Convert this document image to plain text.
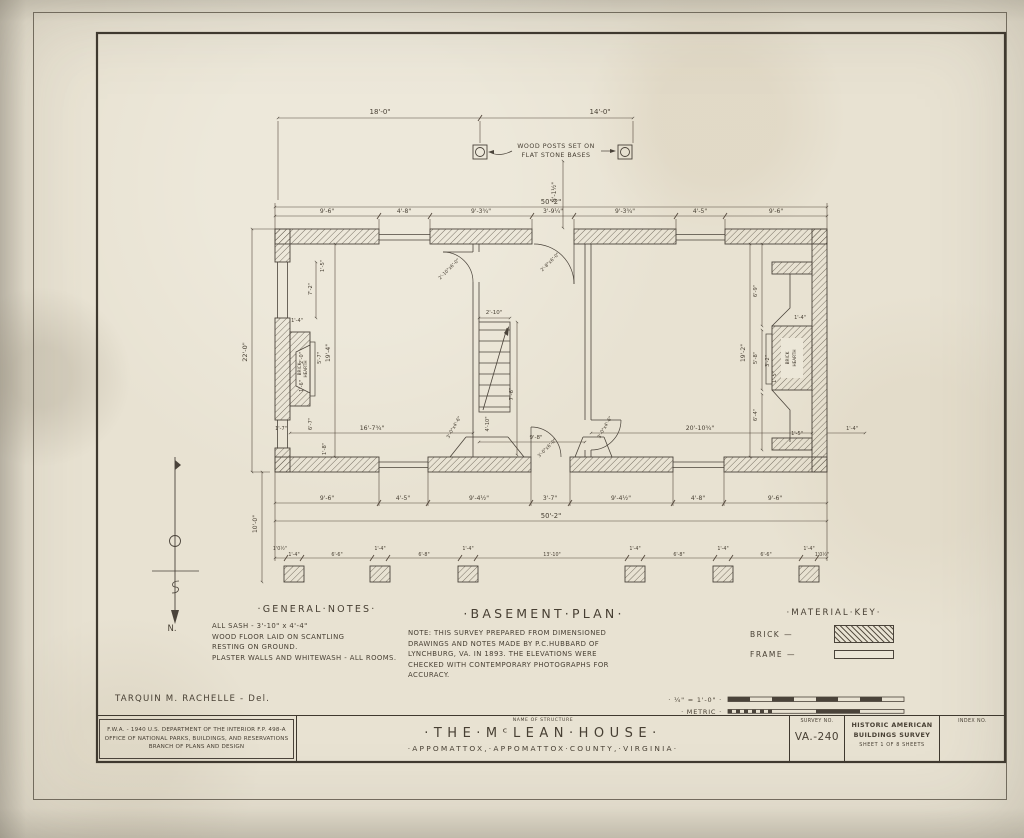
18'-0"	14'-0"
8'-1½"
WOOD POSTS SET ON
FLAT STONE BASES
50'-2"
9'-6"	4'-8"	9'-3¾"	3'-9¼"	9'-3¾"	4'-5"	9'-6"
9'-6"	4'-5"	9'-4½"	3'-7"	9'-4½"	4'-8"	9'-6"
50'-2"
1'0½"
1'-4"	6'-6"
1'-4"
6'-8"
1'-4"
13'-10"
1'-4"
6'-8"
1'-4"
6'-6"
1'-4"
1'0½"
22'-0"	19'-4"
10'-0"
19'-2"
16'-7¾"	20'-10¾"
1'-5"
7'-2"
1'-4"
2'-0" 5'-7"
1'-6"
6'-7"
1'-7"
1'-8"
6'-9"
1'-4"
5'-8" 3'-2"
1'-5"
6'-4"
1'-5"
1'-4"
2'-10"
7'-6"
9'-8"
4'-10"
2'-10"x6'-0"	2'-8"x6'-0"
3'-0"x4'-6"	3'-0"x4'-6"
3'-0"x6'-0"
BRICK HEARTH
BRICK HEARTH
N.
· ¼" = 1'-0" ·
· METRIC ·
·GENERAL·NOTES·
ALL SASH - 3'-10" x 4'-4"
WOOD FLOOR LAID ON SCANTLING
RESTING ON GROUND.
PLASTER WALLS AND WHITEWASH - ALL ROOMS.
·BASEMENT·PLAN·
NOTE: THIS SURVEY PREPARED FROM DIMENSIONED
DRAWINGS AND NOTES MADE BY P.C.HUBBARD OF
LYNCHBURG, VA. IN 1893. THE ELEVATIONS WERE
CHECKED WITH CONTEMPORARY PHOTOGRAPHS FOR
ACCURACY.
·MATERIAL·KEY·
BRICK —
FRAME —
TARQUIN M. RACHELLE - Del.
F.W.A. - 1940 U.S. DEPARTMENT OF THE INTERIOR F.P. 498-A
OFFICE OF NATIONAL PARKS, BUILDINGS, AND RESERVATIONS
BRANCH OF PLANS AND DESIGN
NAME OF STRUCTURE
·THE·MᶜLEAN·HOUSE·
·APPOMATTOX,·APPOMATTOX·COUNTY,·VIRGINIA·
SURVEY NO.
VA.-240
HISTORIC AMERICAN
BUILDINGS SURVEY
SHEET 1 OF 8 SHEETS
INDEX NO.
